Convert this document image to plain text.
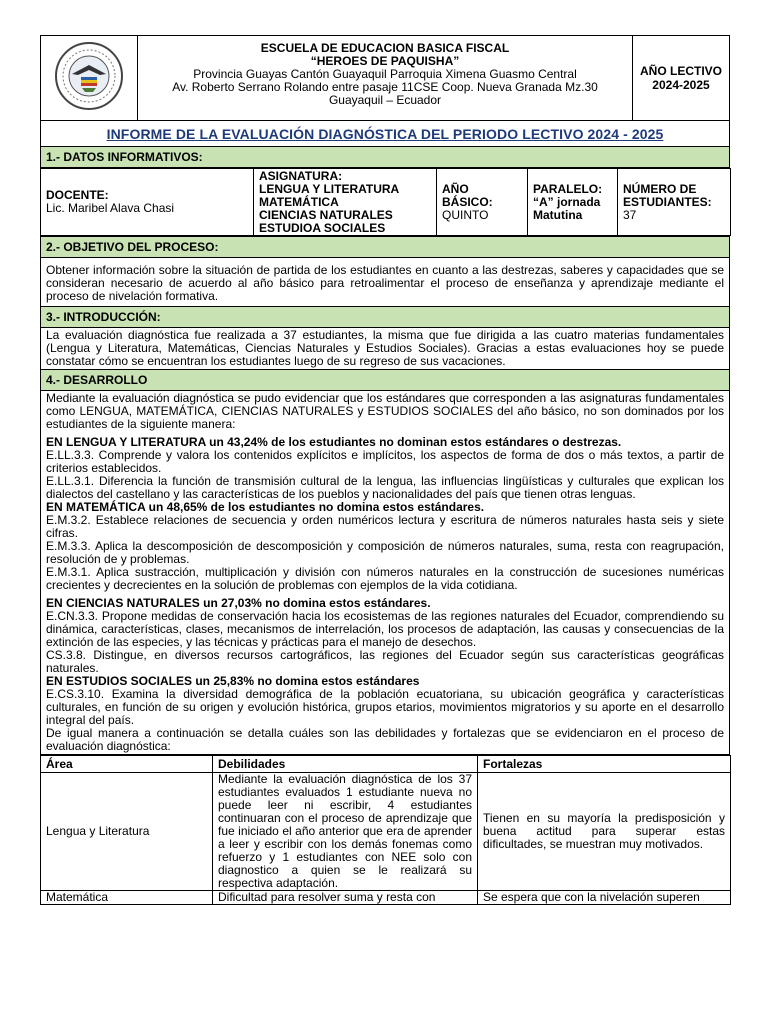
ESCUELA DE EDUCACION BASICA FISCAL
“HEROES DE PAQUISHA”
Provincia Guayas Cantón Guayaquil Parroquia Ximena Guasmo Central
Av. Roberto Serrano Rolando entre pasaje 11CSE Coop. Nueva Granada Mz.30
Guayaquil – Ecuador

AÑO LECTIVO
2024-2025

INFORME DE LA EVALUACIÓN DIAGNÓSTICA DEL PERIODO LECTIVO 2024 - 2025
1.- DATOS INFORMATIVOS:
DOCENTE:
Lic. Maribel Alava Chasi

ASIGNATURA:
LENGUA Y LITERATURA
MATEMÁTICA
CIENCIAS NATURALES
ESTUDIOA SOCIALES

AÑO
BÁSICO:
QUINTO

PARALELO:
“A” jornada
Matutina

NÚMERO DE
ESTUDIANTES:
37
2.- OBJETIVO DEL PROCESO:
Obtener información sobre la situación de partida de los estudiantes en cuanto a las destrezas, saberes y capacidades que se consideran necesario de acuerdo al año básico para retroalimentar el proceso de enseñanza y aprendizaje mediante el proceso de nivelación formativa.
3.- INTRODUCCIÓN:
La evaluación diagnóstica fue realizada a 37 estudiantes, la misma que fue dirigida a las cuatro materias fundamentales (Lengua y Literatura, Matemáticas, Ciencias Naturales y Estudios Sociales). Gracias a estas evaluaciones hoy se puede constatar cómo se encuentran los estudiantes luego de su regreso de sus vacaciones.
4.- DESARROLLO

Mediante la evaluación diagnóstica se pudo evidenciar que los estándares que corresponden a las asignaturas fundamentales como LENGUA, MATEMÁTICA, CIENCIAS NATURALES y ESTUDIOS SOCIALES del año básico, no son dominados por los estudiantes de la siguiente manera:

EN LENGUA Y LITERATURA un 43,24% de los estudiantes no dominan estos estándares o destrezas.

E.LL.3.3. Comprende y valora los contenidos explícitos e implícitos, los aspectos de forma de dos o más textos, a partir de criterios establecidos.

E.LL.3.1. Diferencia la función de transmisión cultural de la lengua, las influencias lingüísticas y culturales que explican los dialectos del castellano y las características de los pueblos y nacionalidades del país que tienen otras lenguas.

EN MATEMÁTICA un 48,65% de los estudiantes no domina estos estándares.

E.M.3.2. Establece relaciones de secuencia y orden numéricos lectura y escritura de números naturales hasta seis y siete cifras.

E.M.3.3. Aplica la descomposición de descomposición y composición de números naturales, suma, resta con reagrupación, resolución de y problemas.

E.M.3.1. Aplica sustracción, multiplicación y división con números naturales en la construcción de sucesiones numéricas crecientes y decrecientes en la solución de problemas con ejemplos de la vida cotidiana.

EN CIENCIAS NATURALES un 27,03% no domina estos estándares.

E.CN.3.3. Propone medidas de conservación hacia los ecosistemas de las regiones naturales del Ecuador, comprendiendo su dinámica, características, clases, mecanismos de interrelación, los procesos de adaptación, las causas y consecuencias de la extinción de las especies, y las técnicas y prácticas para el manejo de desechos.

CS.3.8. Distingue, en diversos recursos cartográficos, las regiones del Ecuador según sus características geográficas naturales.

EN ESTUDIOS SOCIALES un 25,83% no domina estos estándares

E.CS.3.10. Examina la diversidad demográfica de la población ecuatoriana, su ubicación geográfica y características culturales, en función de su origen y evolución histórica, grupos etarios, movimientos migratorios y su aporte en el desarrollo integral del país.

De igual manera a continuación se detalla cuáles son las debilidades y fortalezas que se evidenciaron en el proceso de evaluación diagnóstica:

Área	Debilidades	Fortalezas
Lengua y Literatura	Mediante la evaluación diagnóstica de los 37 estudiantes evaluados 1 estudiante nueva no puede leer ni escribir, 4 estudiantes continuaran con el proceso de aprendizaje que fue iniciado el año anterior que era de aprender a leer y escribir con los demás fonemas como refuerzo y 1 estudiantes con NEE solo con diagnostico a quien se le realizará su respectiva adaptación.	Tienen en su mayoría la predisposición y buena actitud para superar estas dificultades, se muestran muy motivados.
Matemática	Dificultad para resolver suma y resta con	Se espera que con la nivelación superen
